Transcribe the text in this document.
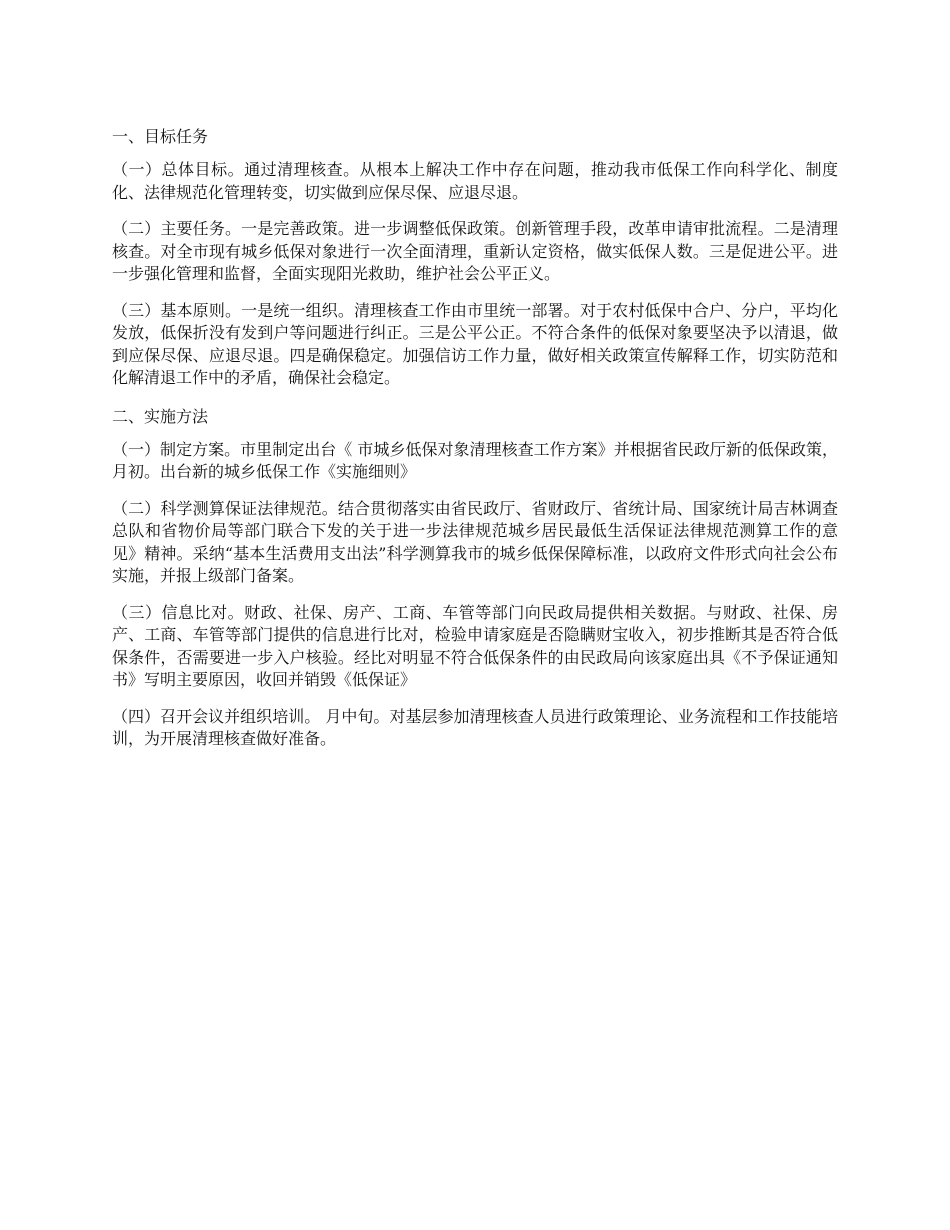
一、目标任务

（一）总体目标。通过清理核查。从根本上解决工作中存在问题，推动我市低保工作向科学化、制度化、法律规范化管理转变，切实做到应保尽保、应退尽退。

（二）主要任务。一是完善政策。进一步调整低保政策。创新管理手段，改革申请审批流程。二是清理核查。对全市现有城乡低保对象进行一次全面清理，重新认定资格，做实低保人数。三是促进公平。进一步强化管理和监督，全面实现阳光救助，维护社会公平正义。

（三）基本原则。一是统一组织。清理核查工作由市里统一部署。对于农村低保中合户、分户，平均化发放，低保折没有发到户等问题进行纠正。三是公平公正。不符合条件的低保对象要坚决予以清退，做到应保尽保、应退尽退。四是确保稳定。加强信访工作力量，做好相关政策宣传解释工作，切实防范和化解清退工作中的矛盾，确保社会稳定。

二、实施方法

（一）制定方案。市里制定出台《 市城乡低保对象清理核查工作方案》并根据省民政厅新的低保政策， 月初。出台新的城乡低保工作《实施细则》

（二）科学测算保证法律规范。结合贯彻落实由省民政厅、省财政厅、省统计局、国家统计局吉林调查总队和省物价局等部门联合下发的关于进一步法律规范城乡居民最低生活保证法律规范测算工作的意见》精神。采纳“基本生活费用支出法”科学测算我市的城乡低保保障标准，以政府文件形式向社会公布实施，并报上级部门备案。

（三）信息比对。财政、社保、房产、工商、车管等部门向民政局提供相关数据。与财政、社保、房产、工商、车管等部门提供的信息进行比对，检验申请家庭是否隐瞒财宝收入，初步推断其是否符合低保条件，否需要进一步入户核验。经比对明显不符合低保条件的由民政局向该家庭出具《不予保证通知书》写明主要原因，收回并销毁《低保证》

（四）召开会议并组织培训。 月中旬。对基层参加清理核查人员进行政策理论、业务流程和工作技能培训，为开展清理核查做好准备。
